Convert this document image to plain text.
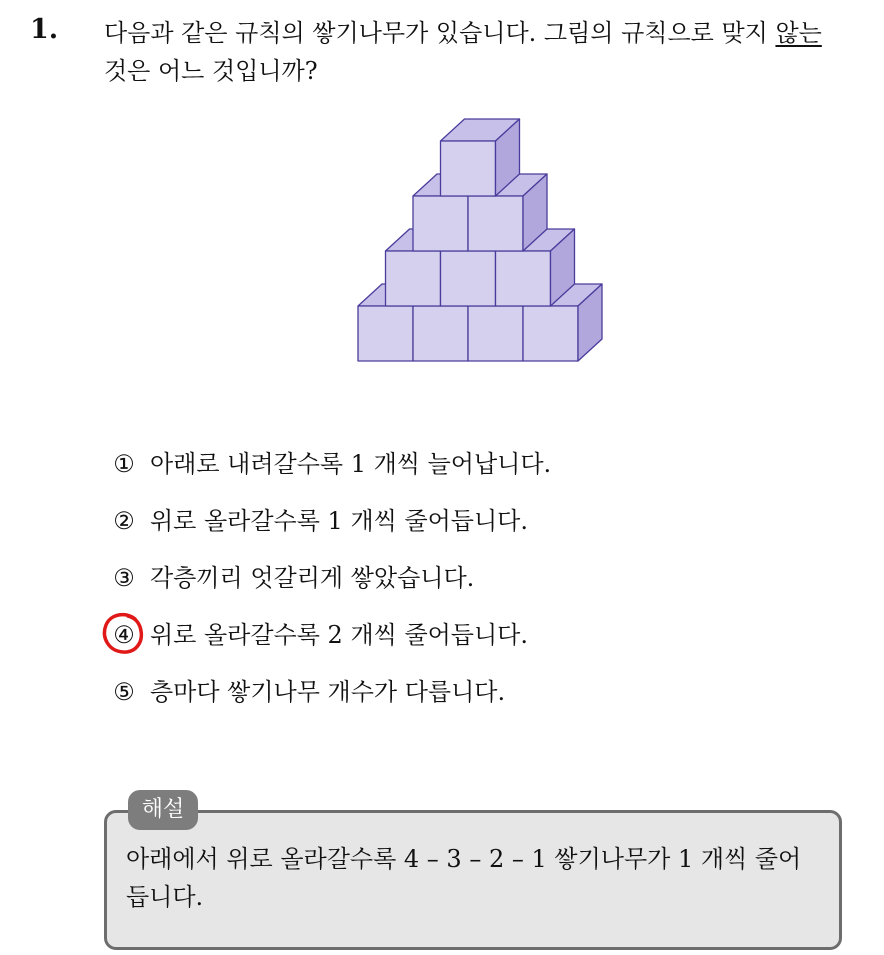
1. 다음과 같은 규칙의 쌓기나무가 있습니다. 그림의 규칙으로 맞지 않는
것은 어느 것입니까?
① 아래로 내려갈수록 1 개씩 늘어납니다.
② 위로 올라갈수록 1 개씩 줄어듭니다.
③ 각층끼리 엇갈리게 쌓았습니다.
④ 위로 올라갈수록 2 개씩 줄어듭니다.
⑤ 층마다 쌓기나무 개수가 다릅니다.
해설
아래에서 위로 올라갈수록 4 – 3 – 2 – 1 쌓기나무가 1 개씩 줄어
듭니다.
